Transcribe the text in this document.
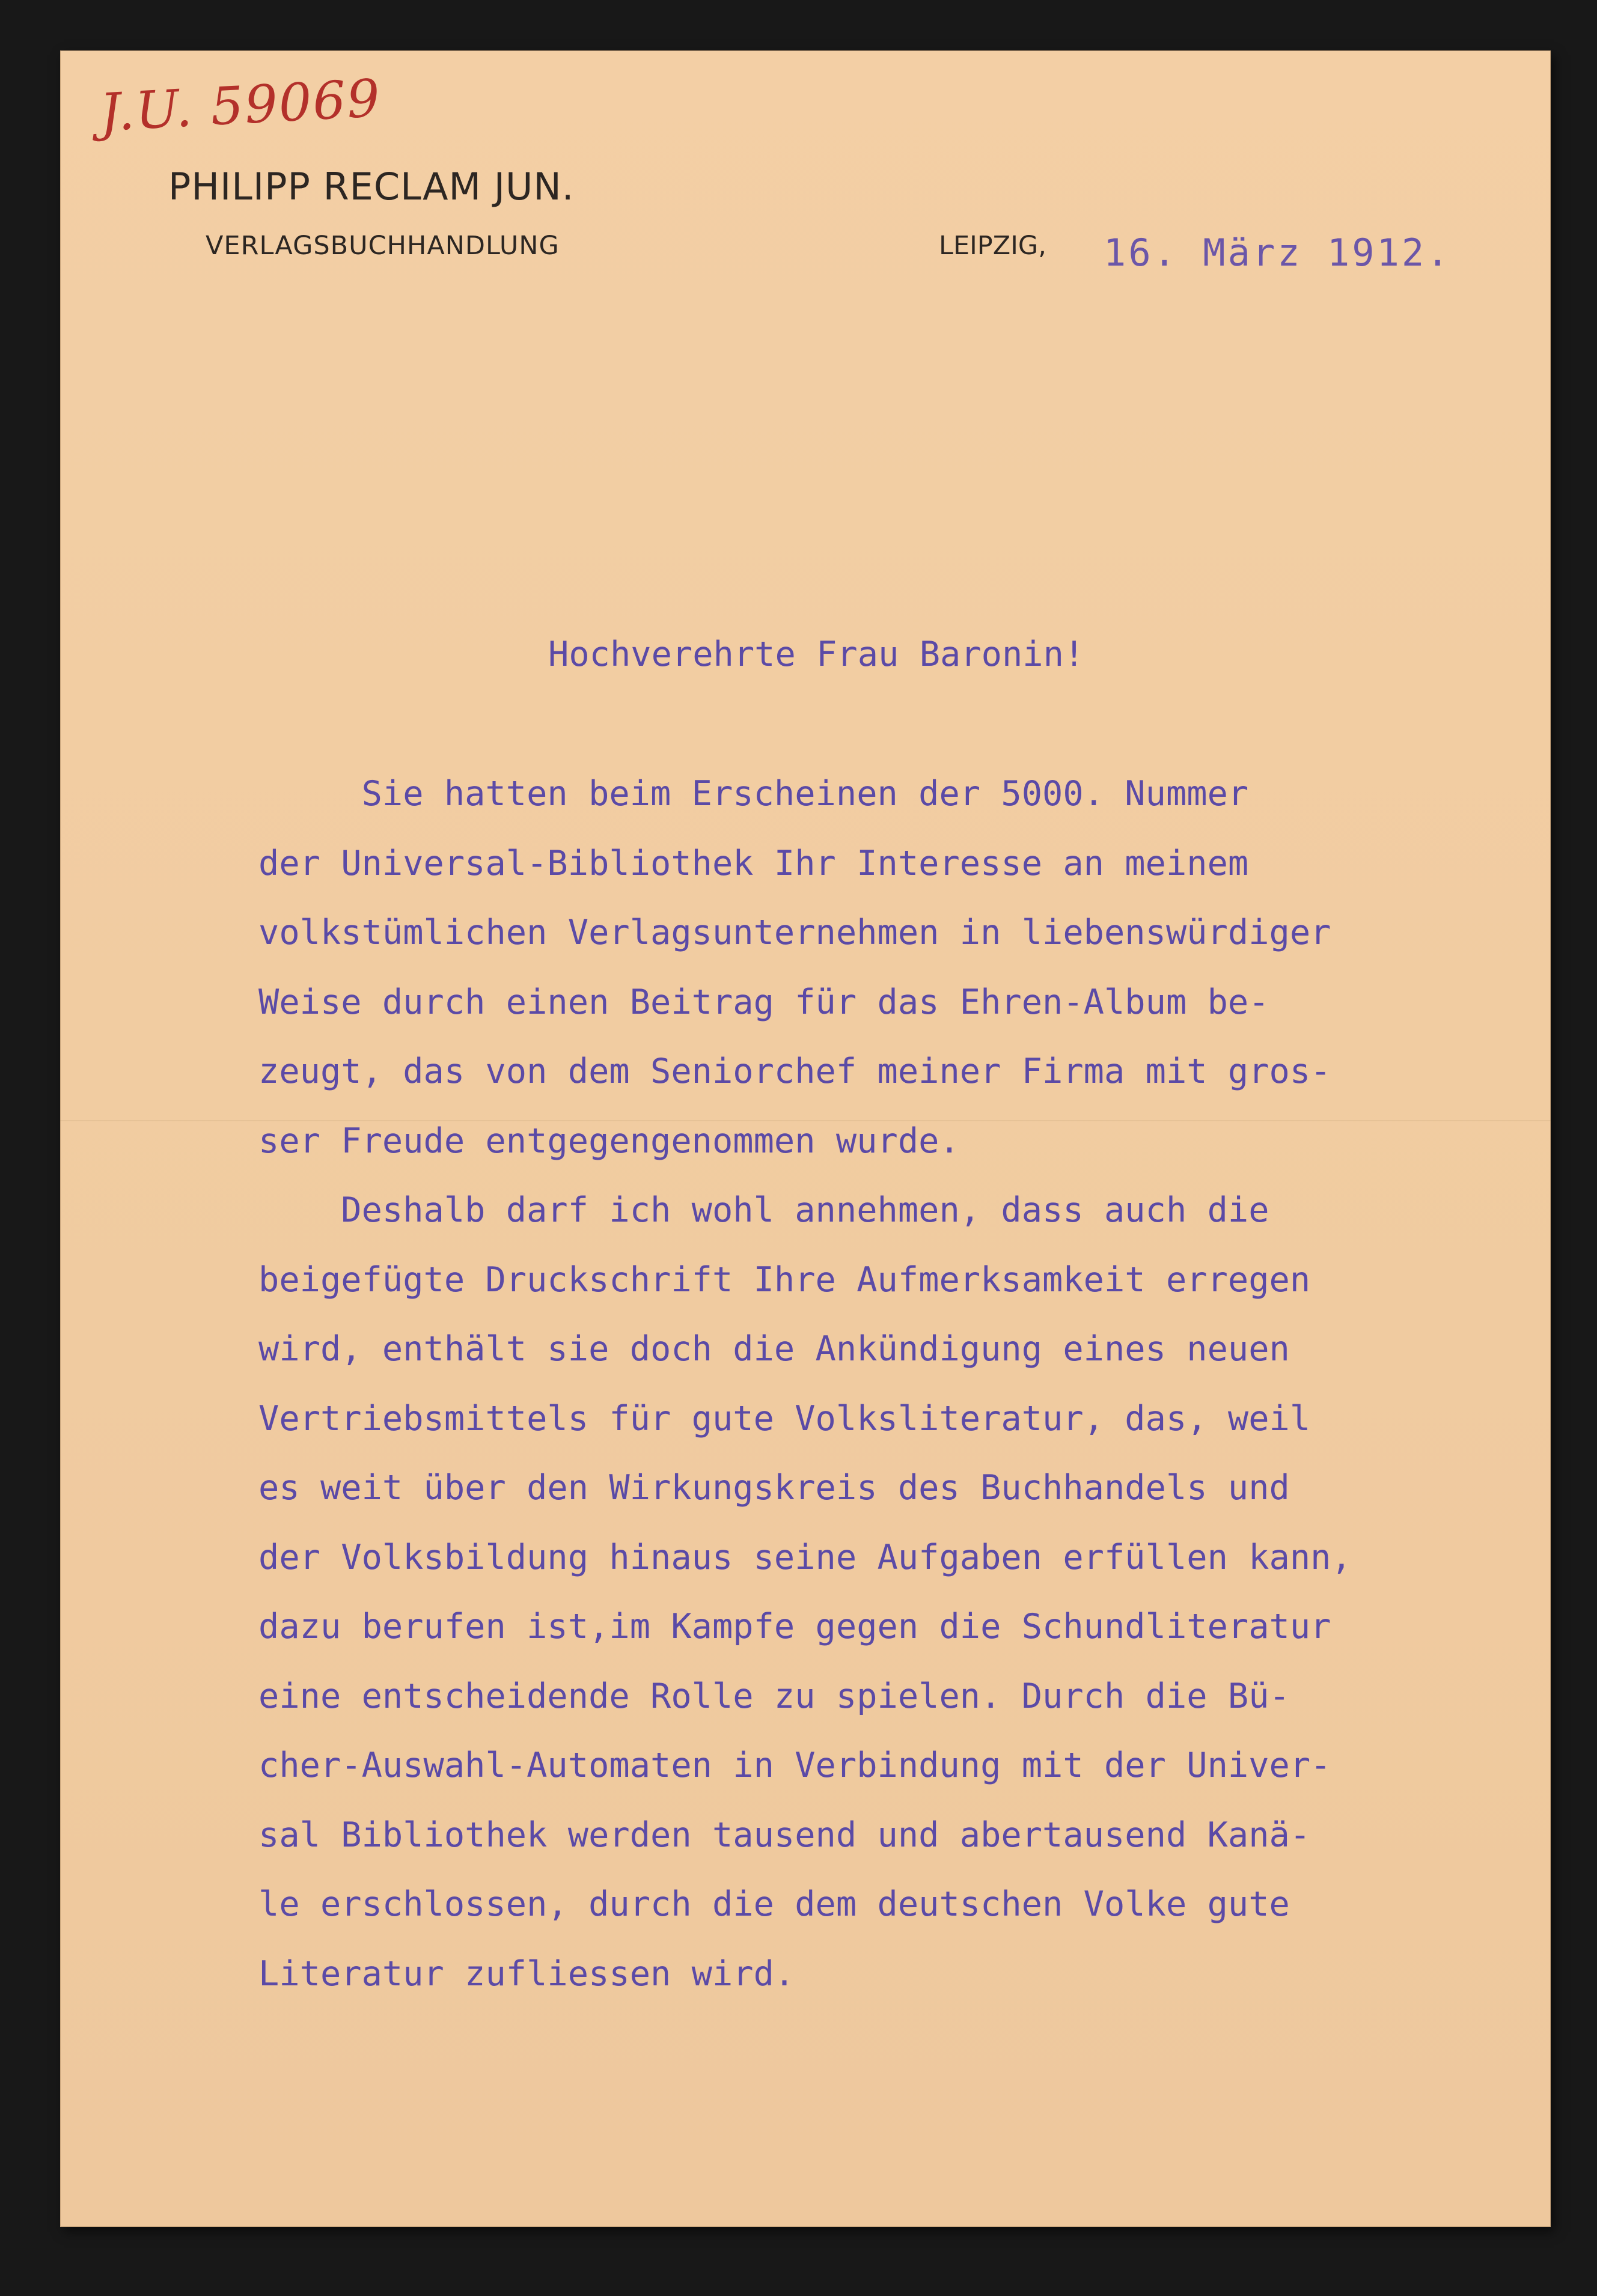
J.U. 59069
PHILIPP RECLAM JUN.
VERLAGSBUCHHANDLUNG	LEIPZIG, 16. März 1912.
Hochverehrte Frau Baronin!
Sie hatten beim Erscheinen der 5000. Nummer
der Universal-Bibliothek Ihr Interesse an meinem
volkstümlichen Verlagsunternehmen in liebenswürdiger
Weise durch einen Beitrag für das Ehren-Album be-
zeugt, das von dem Seniorchef meiner Firma mit gros-
ser Freude entgegengenommen wurde.
Deshalb darf ich wohl annehmen, dass auch die
beigefügte Druckschrift Ihre Aufmerksamkeit erregen
wird, enthält sie doch die Ankündigung eines neuen
Vertriebsmittels für gute Volksliteratur, das, weil
es weit über den Wirkungskreis des Buchhandels und
der Volksbildung hinaus seine Aufgaben erfüllen kann,
dazu berufen ist,im Kampfe gegen die Schundliteratur
eine entscheidende Rolle zu spielen. Durch die Bü-
cher-Auswahl-Automaten in Verbindung mit der Univer-
sal Bibliothek werden tausend und abertausend Kanä-
le erschlossen, durch die dem deutschen Volke gute
Literatur zufliessen wird.
